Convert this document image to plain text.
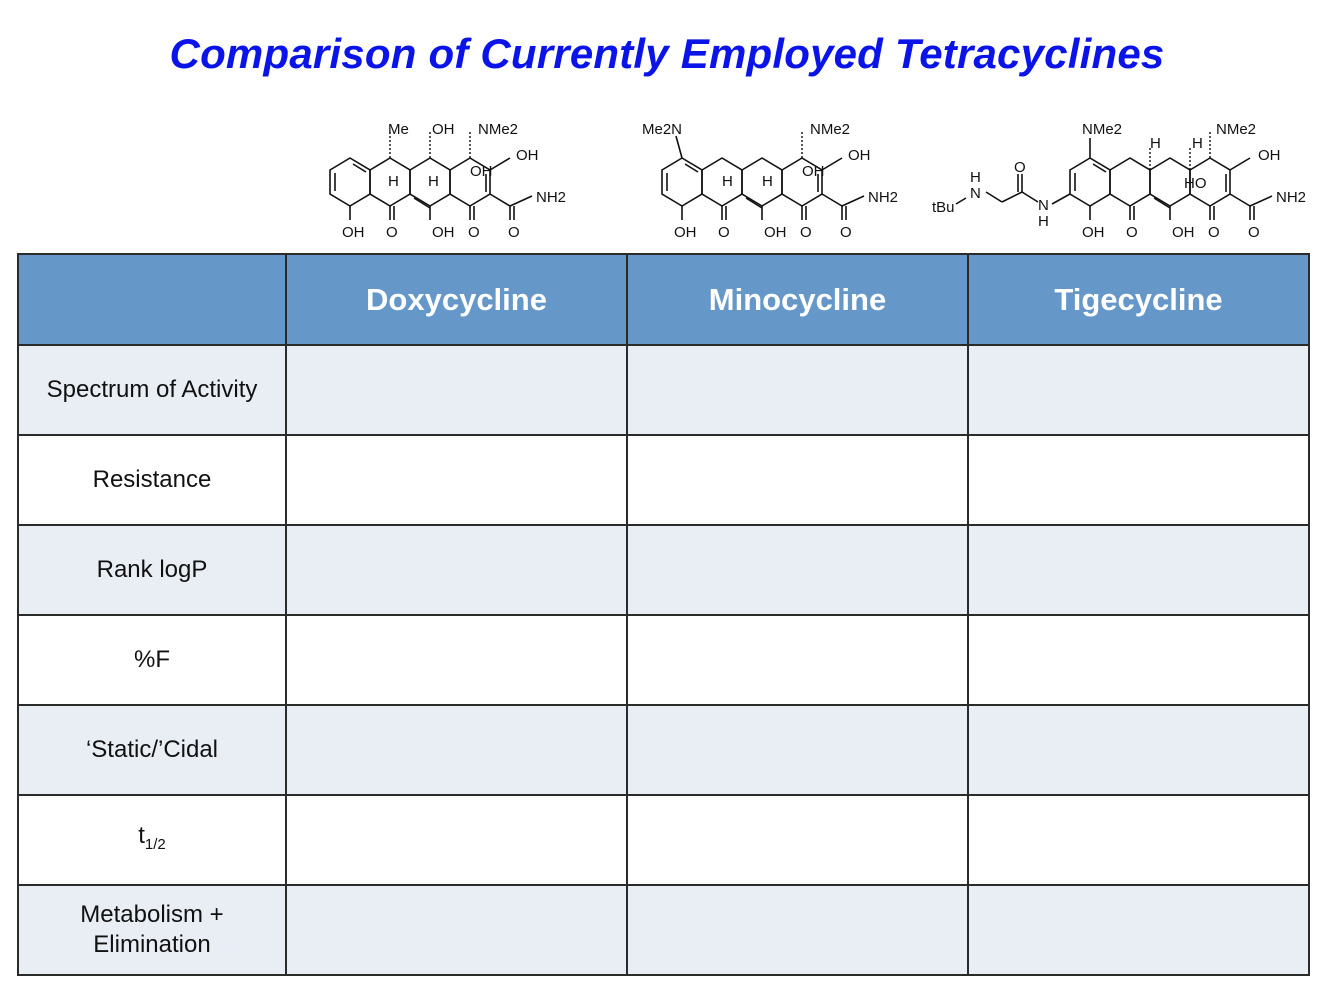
Comparison of Currently Employed Tetracyclines
Me OH NMe2
OH
H H
OH
NH2
OH O OH O O
Me2N	NMe2
OH
H H
OH
NH2
OH O OH O O
NMe2
H H
NMe2
OH
HO
NH2
tBu
N
H
O
N
H
OH O OH O O
	Doxycycline	Minocycline	Tigecycline
Spectrum of Activity			
Resistance			
Rank logP			
%F			
‘Static/’Cidal			
$t_{1/2}$			

Metabolism +
Elimination			
